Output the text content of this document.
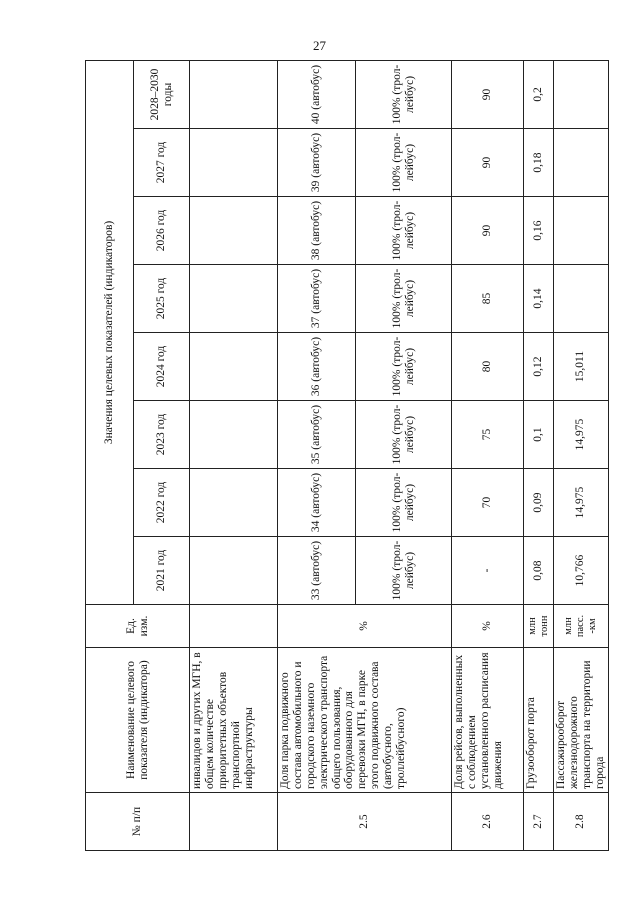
27
№ п/п	Наименование целевого показателя (индикатора)	Ед. изм.	Значения целевых показателей (индикаторов)							
			2021 год	2022 год	2023 год	2024 год	2025 год	2026 год	2027 год	2028–2030 годы
	инвалидов и других МГН, в общем количестве приоритетных объектов транспортной инфраструктуры									
2.5	Доля парка подвижного состава автомобильного и городского наземного электрического транспорта общего пользования, оборудованного для перевозки МГН, в парке этого подвижного состава (автобусного, троллейбусного)	%	33 (автобус)	34 (автобус)	35 (автобус)	36 (автобус)	37 (автобус)	38 (автобус)	39 (автобус)	40 (автобус)
			100% (трол-лейбус)	100% (трол-лейбус)	100% (трол-лейбус)	100% (трол-лейбус)	100% (трол-лейбус)	100% (трол-лейбус)	100% (трол-лейбус)	100% (трол-лейбус)
2.6	Доля рейсов, выполненных с соблюдением установленного расписания движения	%	-	70	75	80	85	90	90	90
2.7	Грузооборот порта	млн тонн	0,08	0,09	0,1	0,12	0,14	0,16	0,18	0,2
2.8	Пассажирооборот железнодорожного транспорта на территории города	млн пасс. -км	10,766	14,975	14,975	15,011				
